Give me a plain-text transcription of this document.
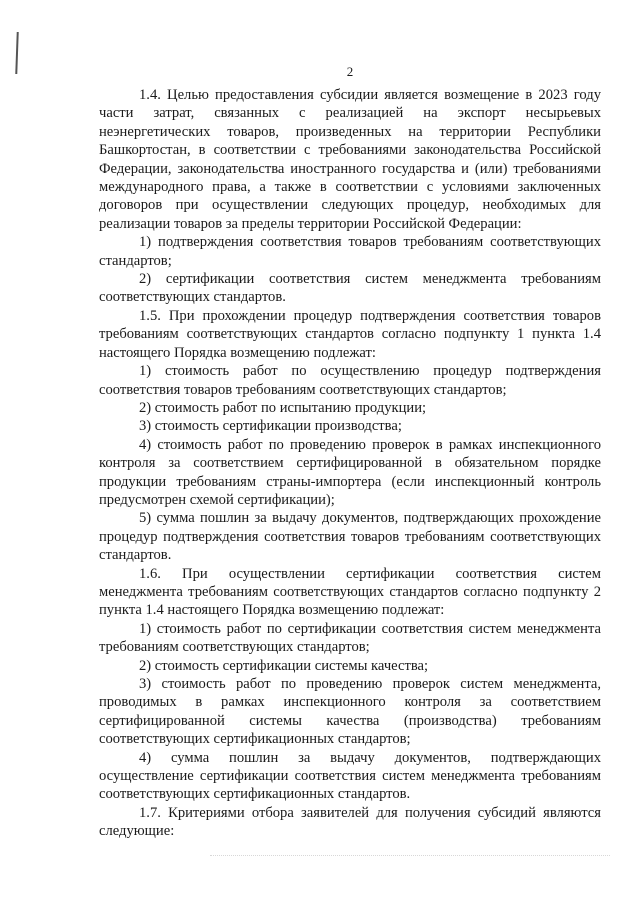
2

1.4. Целью предоставления субсидии является возмещение в 2023 году части затрат, связанных с реализацией на экспорт несырьевых неэнергетических товаров, произведенных на территории Республики Башкортостан, в соответствии с требованиями законодательства Российской Федерации, законодательства иностранного государства и (или) требованиями международного права, а также в соответствии с условиями заключенных договоров при осуществлении следующих процедур, необходимых для реализации товаров за пределы территории Российской Федерации:

1) подтверждения соответствия товаров требованиям соответствующих стандартов;

2) сертификации соответствия систем менеджмента требованиям соответствующих стандартов.

1.5. При прохождении процедур подтверждения соответствия товаров требованиям соответствующих стандартов согласно подпункту 1 пункта 1.4 настоящего Порядка возмещению подлежат:

1) стоимость работ по осуществлению процедур подтверждения соответствия товаров требованиям соответствующих стандартов;

2) стоимость работ по испытанию продукции;

3) стоимость сертификации производства;

4) стоимость работ по проведению проверок в рамках инспекционного контроля за соответствием сертифицированной в обязательном порядке продукции требованиям страны-импортера (если инспекционный контроль предусмотрен схемой сертификации);

5) сумма пошлин за выдачу документов, подтверждающих прохождение процедур подтверждения соответствия товаров требованиям соответствующих стандартов.

1.6. При осуществлении сертификации соответствия систем менеджмента требованиям соответствующих стандартов согласно подпункту 2 пункта 1.4 настоящего Порядка возмещению подлежат:

1) стоимость работ по сертификации соответствия систем менеджмента требованиям соответствующих стандартов;

2) стоимость сертификации системы качества;

3) стоимость работ по проведению проверок систем менеджмента, проводимых в рамках инспекционного контроля за соответствием сертифицированной системы качества (производства) требованиям соответствующих сертификационных стандартов;

4) сумма пошлин за выдачу документов, подтверждающих осуществление сертификации соответствия систем менеджмента требованиям соответствующих сертификационных стандартов.

1.7. Критериями отбора заявителей для получения субсидий являются следующие:
